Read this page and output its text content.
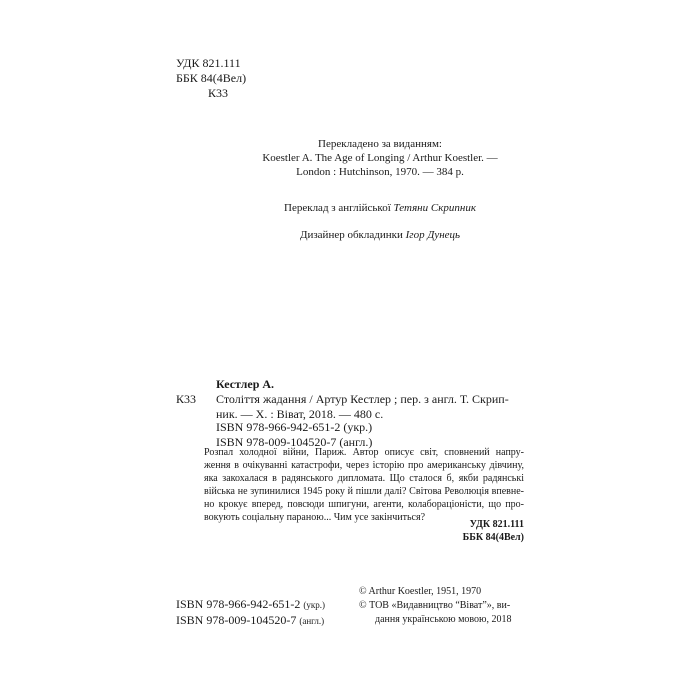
УДК 821.111
ББК 84(4Вел)
К33
Перекладено за виданням:
Koestler A. The Age of Longing / Arthur Koestler. —
London : Hutchinson, 1970. — 384 p.
Переклад з англійської Тетяни Скрипник
Дизайнер обкладинки Ігор Дунець
Кестлер А.
К33 Століття жадання / Артур Кестлер ; пер. з англ. Т. Скрип-
ник. — Х. : Віват, 2018. — 480 с.
ISBN 978-966-942-651-2 (укр.)
ISBN 978-009-104520-7 (англ.)
Розпал холодної війни, Париж. Автор описує світ, сповнений напру-
ження в очікуванні катастрофи, через історію про американську дівчину,
яка закохалася в радянського дипломата. Що сталося б, якби радянські
війська не зупинилися 1945 року й пішли далі? Світова Революція впевне-
но крокує вперед, повсюди шпигуни, агенти, колабораціоністи, що про-
вокують соціальну параною... Чим усе закінчиться?
УДК 821.111
ББК 84(4Вел)
ISBN 978-966-942-651-2 (укр.)
ISBN 978-009-104520-7 (англ.)
© Arthur Koestler, 1951, 1970
© ТОВ «Видавництво “Віват”», ви-
дання українською мовою, 2018
